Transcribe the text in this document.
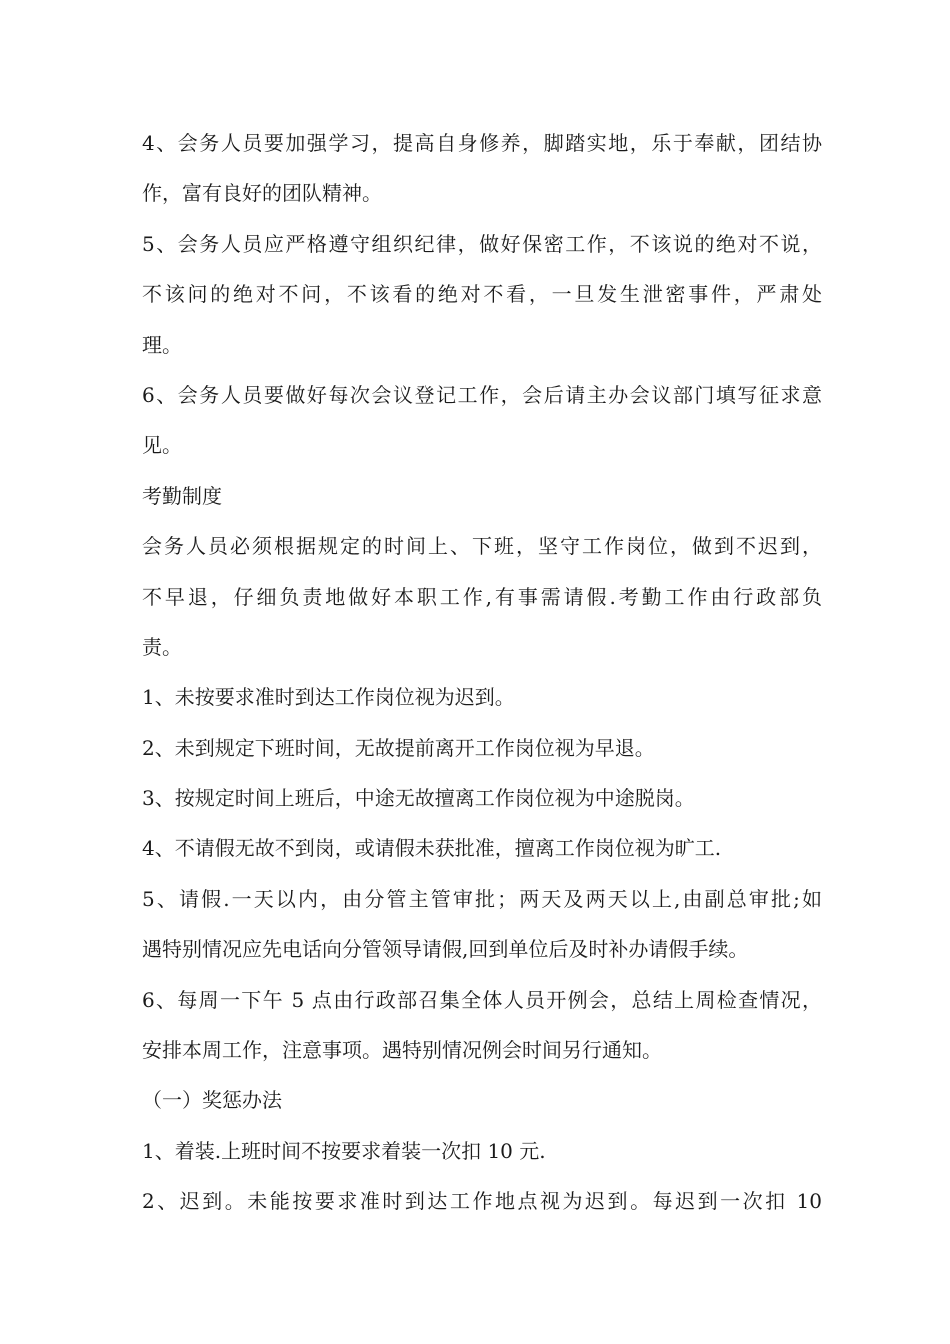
4、会务人员要加强学习，提高自身修养，脚踏实地，乐于奉献，团结协
作，富有良好的团队精神。
5、会务人员应严格遵守组织纪律，做好保密工作，不该说的绝对不说，
不该问的绝对不问，不该看的绝对不看，一旦发生泄密事件，严肃处
理。
6、会务人员要做好每次会议登记工作，会后请主办会议部门填写征求意
见。
考勤制度
会务人员必须根据规定的时间上、下班，坚守工作岗位，做到不迟到，
不早退，仔细负责地做好本职工作,有事需请假.考勤工作由行政部负
责。
1、未按要求准时到达工作岗位视为迟到。
2、未到规定下班时间，无故提前离开工作岗位视为早退。
3、按规定时间上班后，中途无故擅离工作岗位视为中途脱岗。
4、不请假无故不到岗，或请假未获批准，擅离工作岗位视为旷工.
5、请假.一天以内，由分管主管审批；两天及两天以上,由副总审批;如
遇特别情况应先电话向分管领导请假,回到单位后及时补办请假手续。
6、每周一下午 5 点由行政部召集全体人员开例会，总结上周检查情况，
安排本周工作，注意事项。遇特别情况例会时间另行通知。
（一）奖惩办法
1、着装.上班时间不按要求着装一次扣 10 元.
2、迟到。未能按要求准时到达工作地点视为迟到。每迟到一次扣 10
